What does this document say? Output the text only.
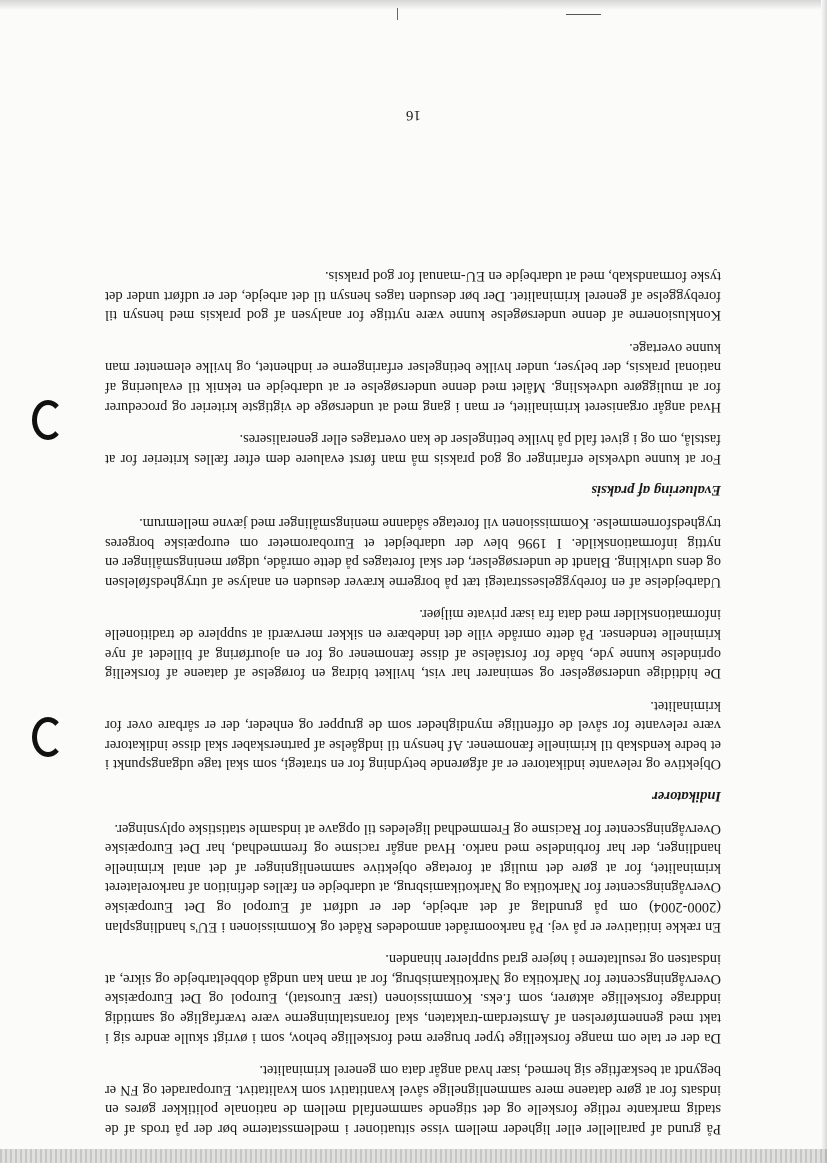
På grund af paralleller eller ligheder mellem visse situationer i medlemsstaterne bør der på trods af de stadig markante retlige forskelle og det stigende sammenfald mellem de nationale politikker gøres en indsats for at gøre dataene mere sammenlignelige såvel kvantitativt som kvalitativt. Europaradet og FN er begyndt at beskæftige sig hermed, især hvad angår data om generel kriminalitet.

Da der er tale om mange forskellige typer brugere med forskellige behov, som i øvrigt skulle ændre sig i takt med gennemførelsen af Amsterdam-traktaten, skal foranstaltningerne være tværfaglige og samtidig inddrage forskellige aktører, som f.eks. Kommissionen (især Eurostat), Europol og Det Europæiske Overvågningscenter for Narkotika og Narkotikamisbrug, for at man kan undgå dobbeltarbejde og sikre, at indsatsen og resultaterne i højere grad supplerer hinanden.

En række initiativer er på vej. På narkoområdet anmodedes Rådet og Kommissionen i EU's handlingsplan (2000-2004) om på grundlag af det arbejde, der er udført af Europol og Det Europæiske Overvågningscenter for Narkotika og Narkotikamisbrug, at udarbejde en fælles definition af narkorelateret kriminalitet, for at gøre det muligt at foretage objektive sammenligninger af det antal kriminelle handlinger, der har forbindelse med narko. Hvad angår racisme og fremmedhad, har Det Europæiske Overvågningscenter for Racisme og Fremmedhad ligeledes til opgave at indsamle statistiske oplysninger.

Indikatorer

Objektive og relevante indikatorer er af afgørende betydning for en strategi, som skal tage udgangspunkt i et bedre kendskab til kriminelle fænomener. Af hensyn til indgåelse af partnerskaber skal disse indikatorer være relevante for såvel de offentlige myndigheder som de grupper og enheder, der er sårbare over for kriminalitet.

De hidtidige undersøgelser og seminarer har vist, hvilket bidrag en forøgelse af dataene af forskellig oprindelse kunne yde, både for forståelse af disse fænomener og for en ajourføring af billedet af nye kriminelle tendenser. På dette område ville det indebære en sikker merværdi at supplere de traditionelle informationskilder med data fra især private miljøer.

Udarbejdelse af en forebyggelsesstrategi tæt på borgerne kræver desuden en analyse af utryghedsfølelsen og dens udvikling. Blandt de undersøgelser, der skal foretages på dette område, udgør meningsmålinger en nyttig informationskilde. I 1996 blev der udarbejdet et Eurobarometer om europæiske borgeres tryghedsfornemmelse. Kommissionen vil foretage sådanne meningsmålinger med jævne mellemrum.

Evaluering af praksis

For at kunne udveksle erfaringer og god praksis må man først evaluere dem efter fælles kriterier for at fastslå, om og i givet fald på hvilke betingelser de kan overtages eller generaliseres.

Hvad angår organiseret kriminalitet, er man i gang med at undersøge de vigtigste kriterier og procedurer for at muliggøre udveksling. Målet med denne undersøgelse er at udarbejde en teknik til evaluering af national praksis, der belyser, under hvilke betingelser erfaringerne er indhentet, og hvilke elementer man kunne overtage.

Konklusionerne af denne undersøgelse kunne være nyttige for analysen af god praksis med hensyn til forebyggelse af generel kriminalitet. Der bør desuden tages hensyn til det arbejde, der er udført under det tyske formandskab, med at udarbejde en EU-manual for god praksis.

16
